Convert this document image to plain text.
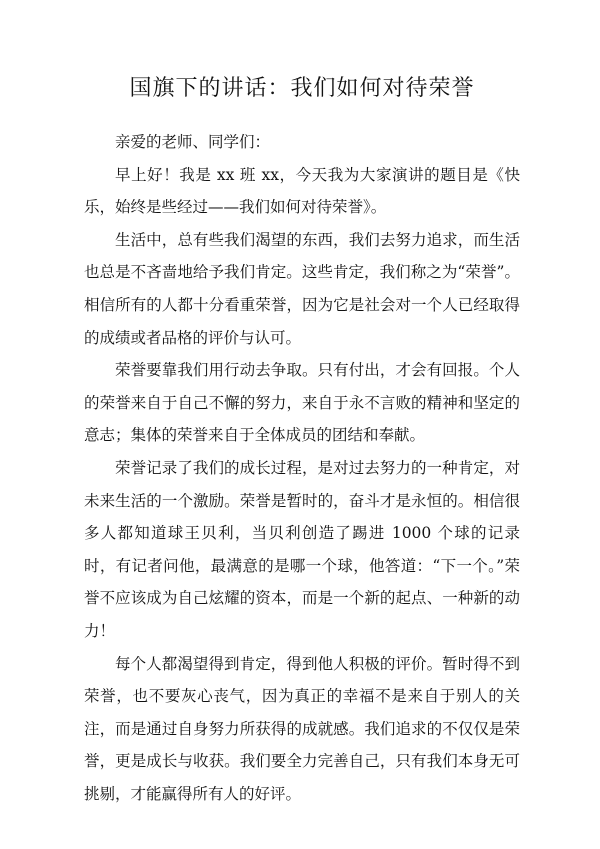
国旗下的讲话：我们如何对待荣誉

亲爱的老师、同学们：

早上好！我是 xx 班 xx，今天我为大家演讲的题目是《快乐，始终是些经过——我们如何对待荣誉》。

生活中，总有些我们渴望的东西，我们去努力追求，而生活也总是不吝啬地给予我们肯定。这些肯定，我们称之为“荣誉”。相信所有的人都十分看重荣誉，因为它是社会对一个人已经取得的成绩或者品格的评价与认可。

荣誉要靠我们用行动去争取。只有付出，才会有回报。个人的荣誉来自于自己不懈的努力，来自于永不言败的精神和坚定的意志；集体的荣誉来自于全体成员的团结和奉献。

荣誉记录了我们的成长过程，是对过去努力的一种肯定，对未来生活的一个激励。荣誉是暂时的，奋斗才是永恒的。相信很多人都知道球王贝利，当贝利创造了踢进 1000 个球的记录时，有记者问他，最满意的是哪一个球，他答道：“下一个。”荣誉不应该成为自己炫耀的资本，而是一个新的起点、一种新的动力！

每个人都渴望得到肯定，得到他人积极的评价。暂时得不到荣誉，也不要灰心丧气，因为真正的幸福不是来自于别人的关注，而是通过自身努力所获得的成就感。我们追求的不仅仅是荣誉，更是成长与收获。我们要全力完善自己，只有我们本身无可挑剔，才能赢得所有人的好评。
